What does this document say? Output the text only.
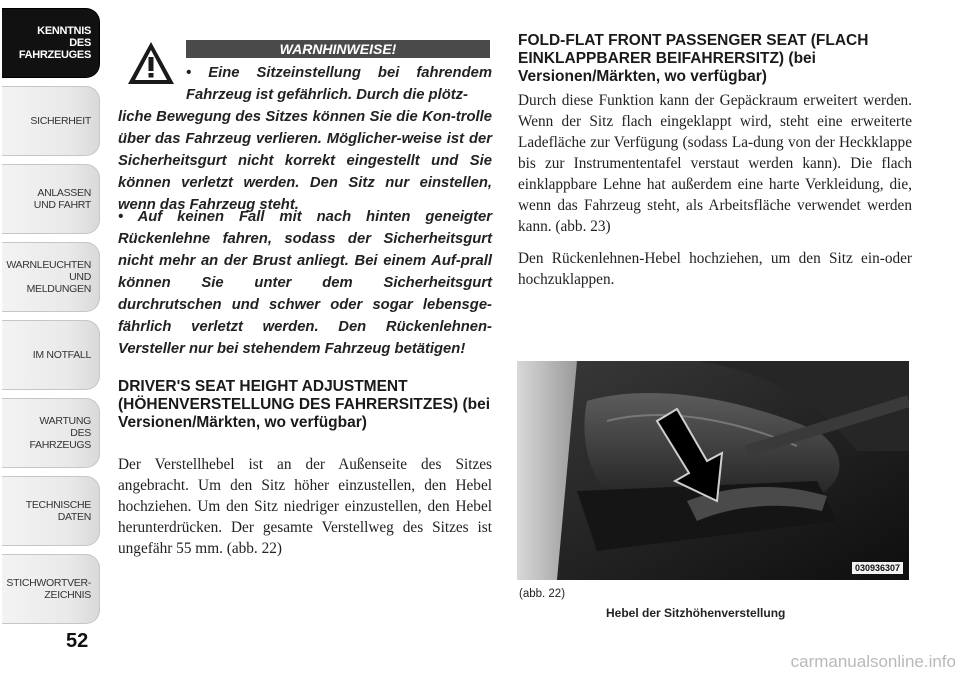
KENNTNIS
DES
FAHRZEUGES
SICHERHEIT
ANLASSEN
UND FAHRT
WARNLEUCHTEN
UND
MELDUNGEN
IM NOTFALL
WARTUNG
DES
FAHRZEUGS
TECHNISCHE
DATEN
STICHWORTVER-
ZEICHNIS
52
WARNHINWEISE!
• Eine Sitzeinstellung bei fahrendem Fahrzeug ist gefährlich. Durch die plötz-
liche Bewegung des Sitzes können Sie die Kon-trolle über das Fahrzeug verlieren. Möglicher-weise ist der Sicherheitsgurt nicht korrekt eingestellt und Sie können verletzt werden. Den Sitz nur einstellen, wenn das Fahrzeug steht.
• Auf keinen Fall mit nach hinten geneigter Rückenlehne fahren, sodass der Sicherheitsgurt nicht mehr an der Brust anliegt. Bei einem Auf-prall können Sie unter dem Sicherheitsgurt durchrutschen und schwer oder sogar lebensge-fährlich verletzt werden. Den Rückenlehnen-Versteller nur bei stehendem Fahrzeug betätigen!
DRIVER'S SEAT HEIGHT ADJUSTMENT (HÖHENVERSTELLUNG DES FAHRERSITZES) (bei Versionen/Märkten, wo verfügbar)
Der Verstellhebel ist an der Außenseite des Sitzes angebracht. Um den Sitz höher einzustellen, den Hebel hochziehen. Um den Sitz niedriger einzustellen, den Hebel herunterdrücken. Der gesamte Verstellweg des Sitzes ist ungefähr 55 mm. (abb. 22)
FOLD-FLAT FRONT PASSENGER SEAT (FLACH EINKLAPPBARER BEIFAHRERSITZ) (bei Versionen/Märkten, wo verfügbar)
Durch diese Funktion kann der Gepäckraum erweitert werden. Wenn der Sitz flach eingeklappt wird, steht eine erweiterte Ladefläche zur Verfügung (sodass La-dung von der Heckklappe bis zur Instrumententafel verstaut werden kann). Die flach einklappbare Lehne hat außerdem eine harte Verkleidung, die, wenn das Fahrzeug steht, als Arbeitsfläche verwendet werden kann. (abb. 23)
Den Rückenlehnen-Hebel hochziehen, um den Sitz ein-oder hochzuklappen.
030936307
(abb. 22)
Hebel der Sitzhöhenverstellung
carmanualsonline.info
